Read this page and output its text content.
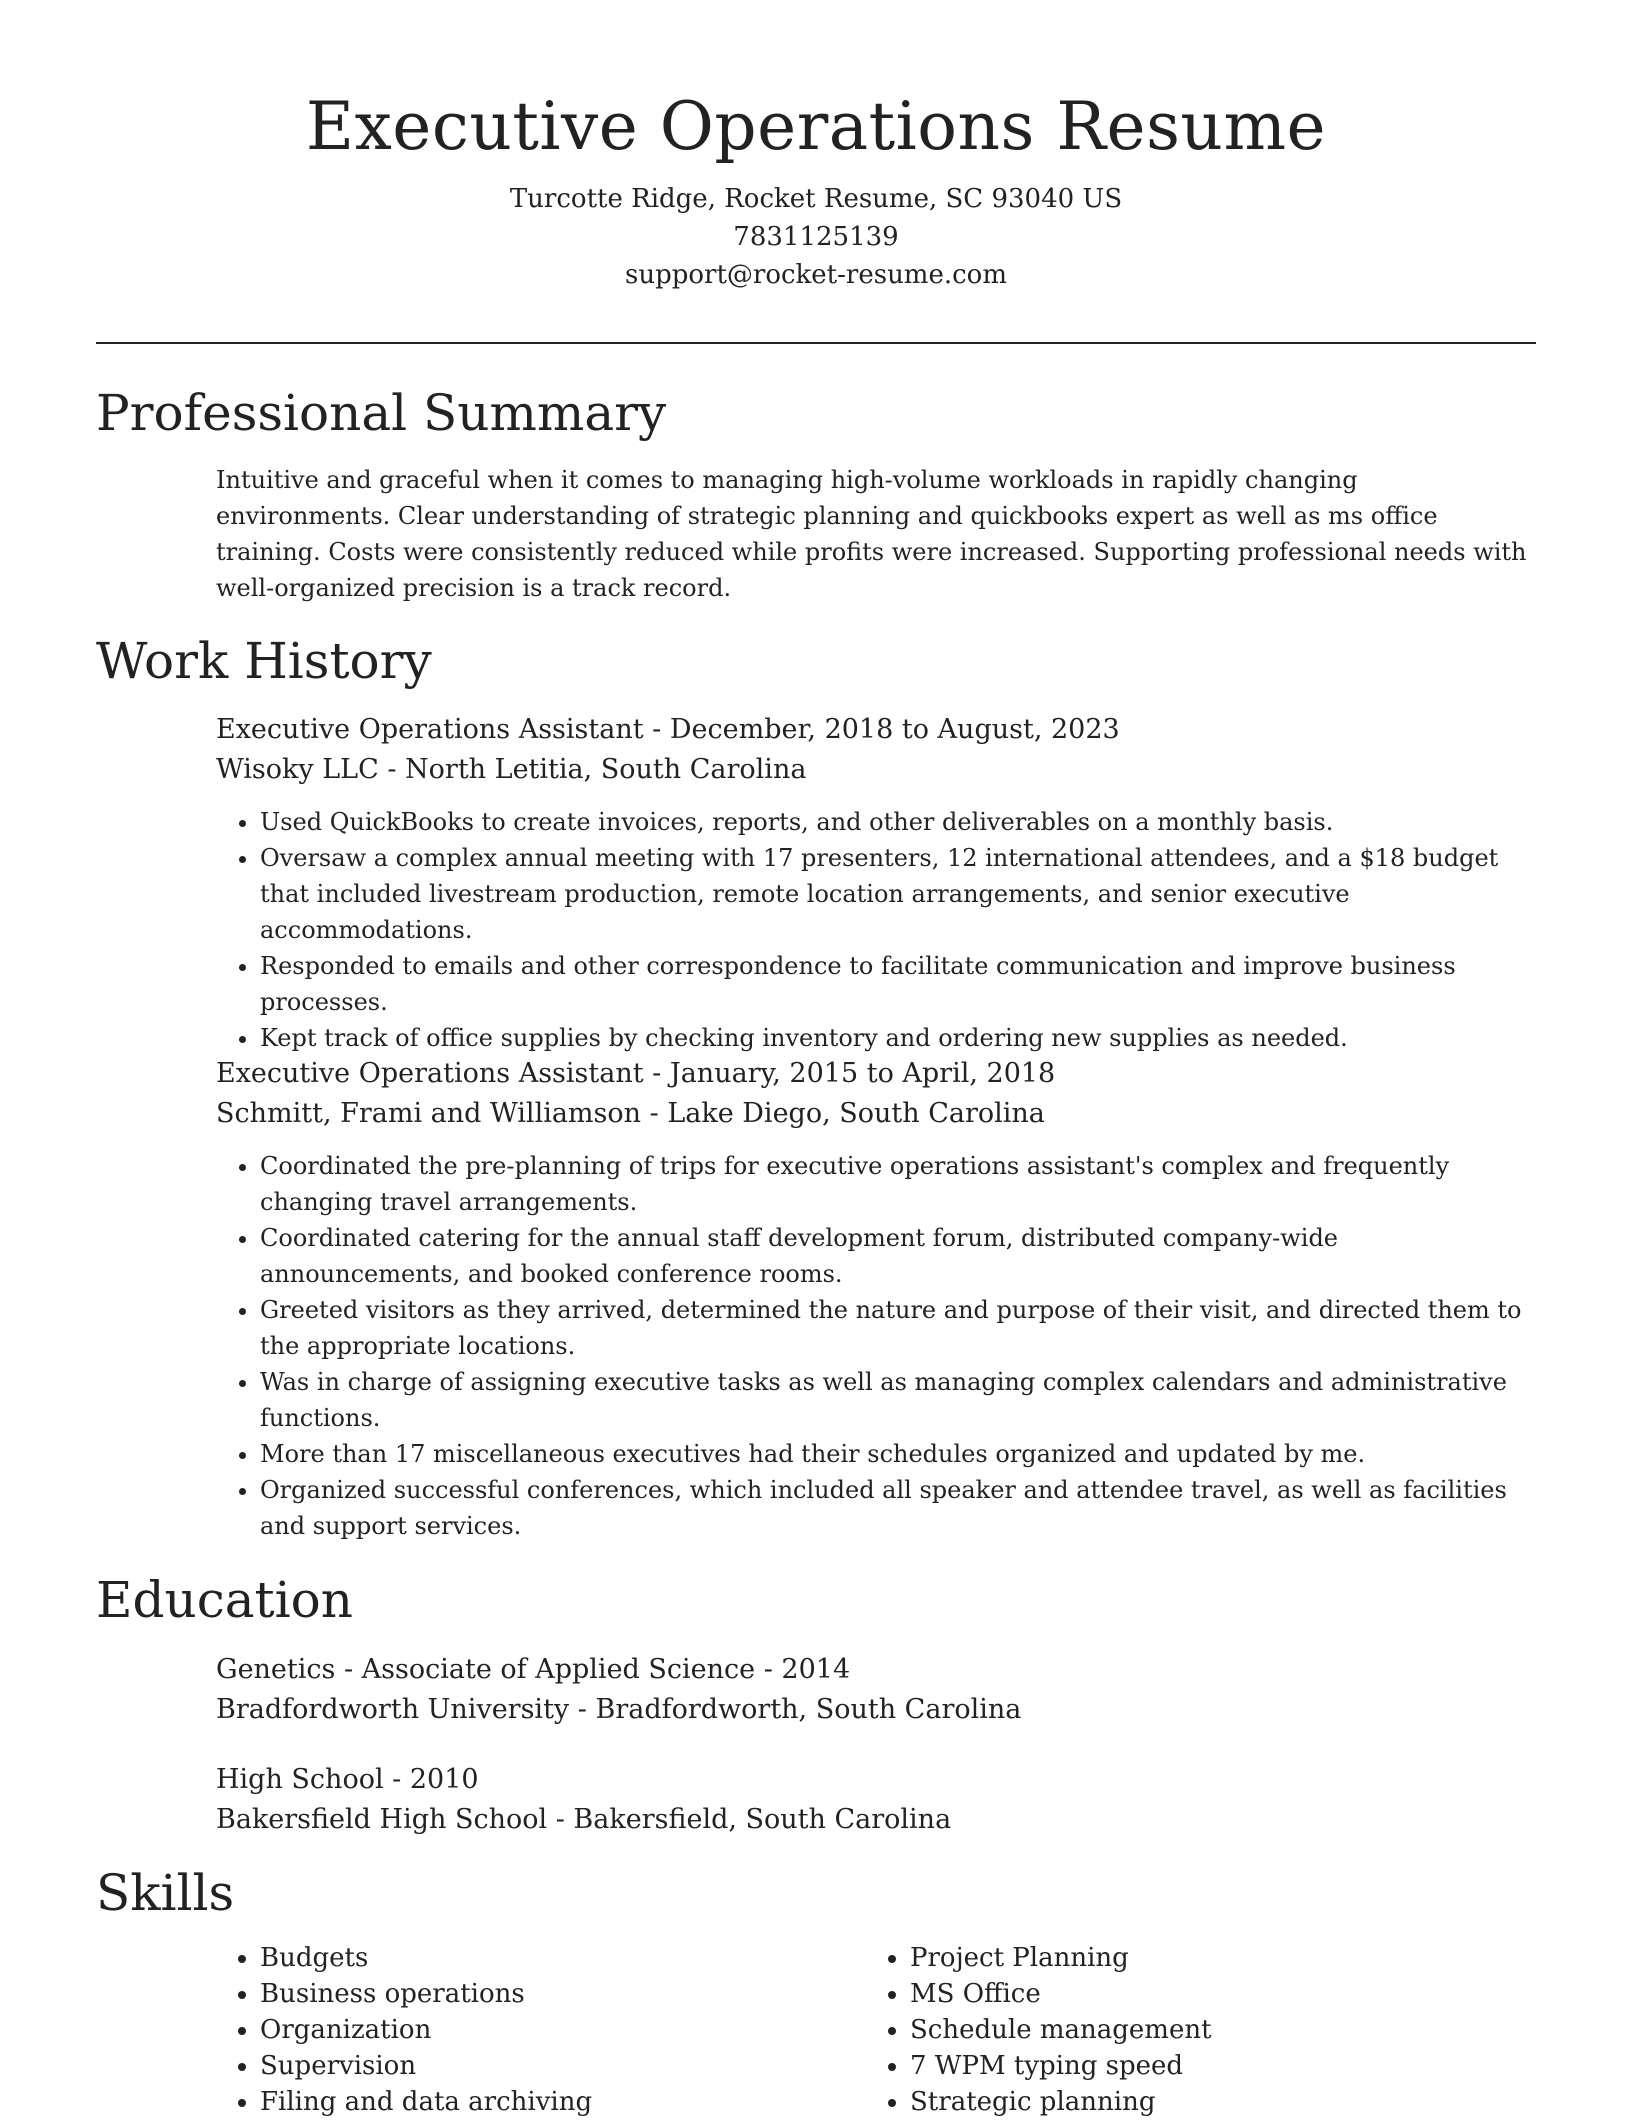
Executive Operations Resume

Turcotte Ridge, Rocket Resume, SC 93040 US

7831125139

support@rocket-resume.com

Professional Summary

Intuitive and graceful when it comes to managing high-volume workloads in rapidly changing environments. Clear understanding of strategic planning and quickbooks expert as well as ms office training. Costs were consistently reduced while profits were increased. Supporting professional needs with well-organized precision is a track record.

Work History

Executive Operations Assistant - December, 2018 to August, 2023

Wisoky LLC - North Letitia, South Carolina

• Used QuickBooks to create invoices, reports, and other deliverables on a monthly basis.
• Oversaw a complex annual meeting with 17 presenters, 12 international attendees, and a $18 budget that included livestream production, remote location arrangements, and senior executive accommodations.
• Responded to emails and other correspondence to facilitate communication and improve business processes.
• Kept track of office supplies by checking inventory and ordering new supplies as needed.

Executive Operations Assistant - January, 2015 to April, 2018

Schmitt, Frami and Williamson - Lake Diego, South Carolina

• Coordinated the pre-planning of trips for executive operations assistant's complex and frequently changing travel arrangements.
• Coordinated catering for the annual staff development forum, distributed company-wide announcements, and booked conference rooms.
• Greeted visitors as they arrived, determined the nature and purpose of their visit, and directed them to the appropriate locations.
• Was in charge of assigning executive tasks as well as managing complex calendars and administrative functions.
• More than 17 miscellaneous executives had their schedules organized and updated by me.
• Organized successful conferences, which included all speaker and attendee travel, as well as facilities and support services.
Education

Genetics - Associate of Applied Science - 2014

Bradfordworth University - Bradfordworth, South Carolina

High School - 2010

Bakersfield High School - Bakersfield, South Carolina

Skills
• Budgets
• Business operations
• Organization
• Supervision
• Filing and data archiving
• Project Planning
• MS Office
• Schedule management
• 7 WPM typing speed
• Strategic planning
